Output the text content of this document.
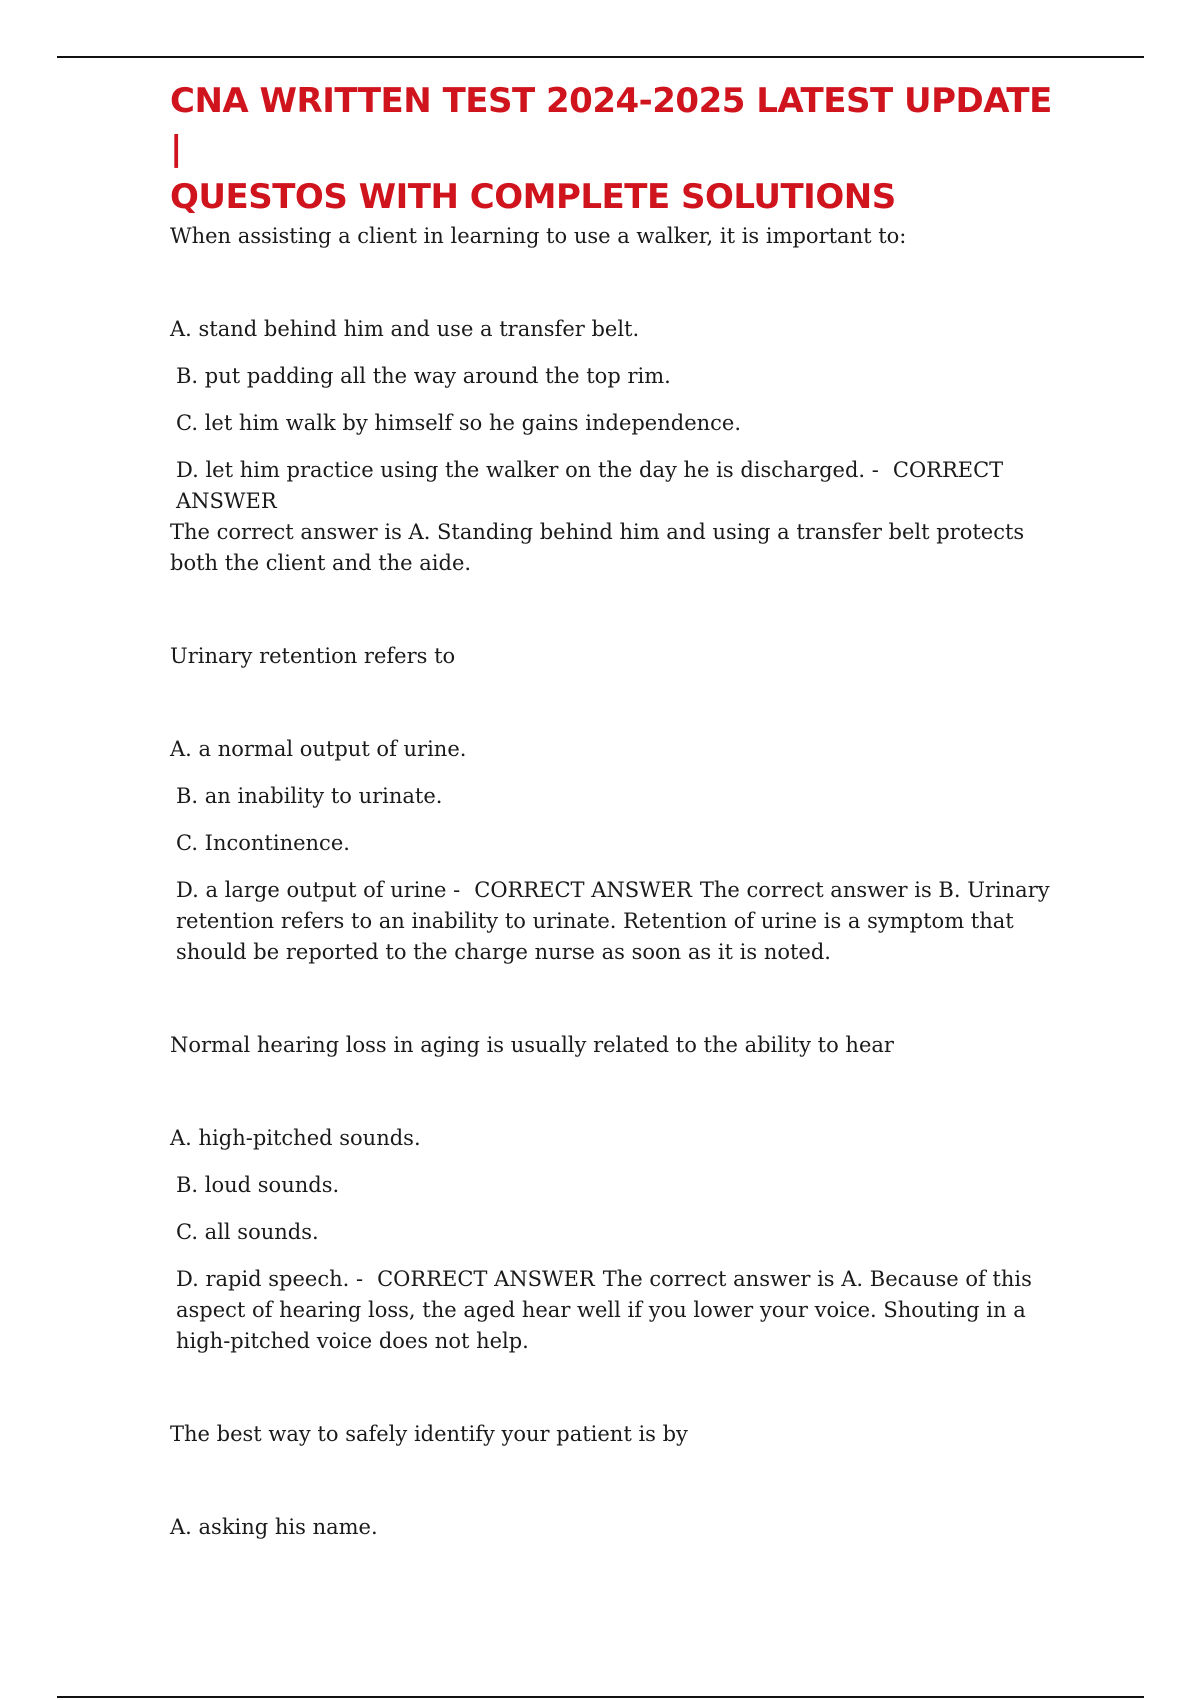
CNA WRITTEN TEST 2024-2025 LATEST UPDATE |
QUESTOS WITH COMPLETE SOLUTIONS

When assisting a client in learning to use a walker, it is important to:

A. stand behind him and use a transfer belt.

B. put padding all the way around the top rim.

C. let him walk by himself so he gains independence.

D. let him practice using the walker on the day he is discharged. - CORRECT ANSWER

The correct answer is A. Standing behind him and using a transfer belt protects both the client and the aide.

Urinary retention refers to

A. a normal output of urine.

B. an inability to urinate.

C. Incontinence.

D. a large output of urine - CORRECT ANSWER The correct answer is B. Urinary retention refers to an inability to urinate. Retention of urine is a symptom that should be reported to the charge nurse as soon as it is noted.

Normal hearing loss in aging is usually related to the ability to hear

A. high-pitched sounds.

B. loud sounds.

C. all sounds.

D. rapid speech. - CORRECT ANSWER The correct answer is A. Because of this aspect of hearing loss, the aged hear well if you lower your voice. Shouting in a high-pitched voice does not help.

The best way to safely identify your patient is by

A. asking his name.
